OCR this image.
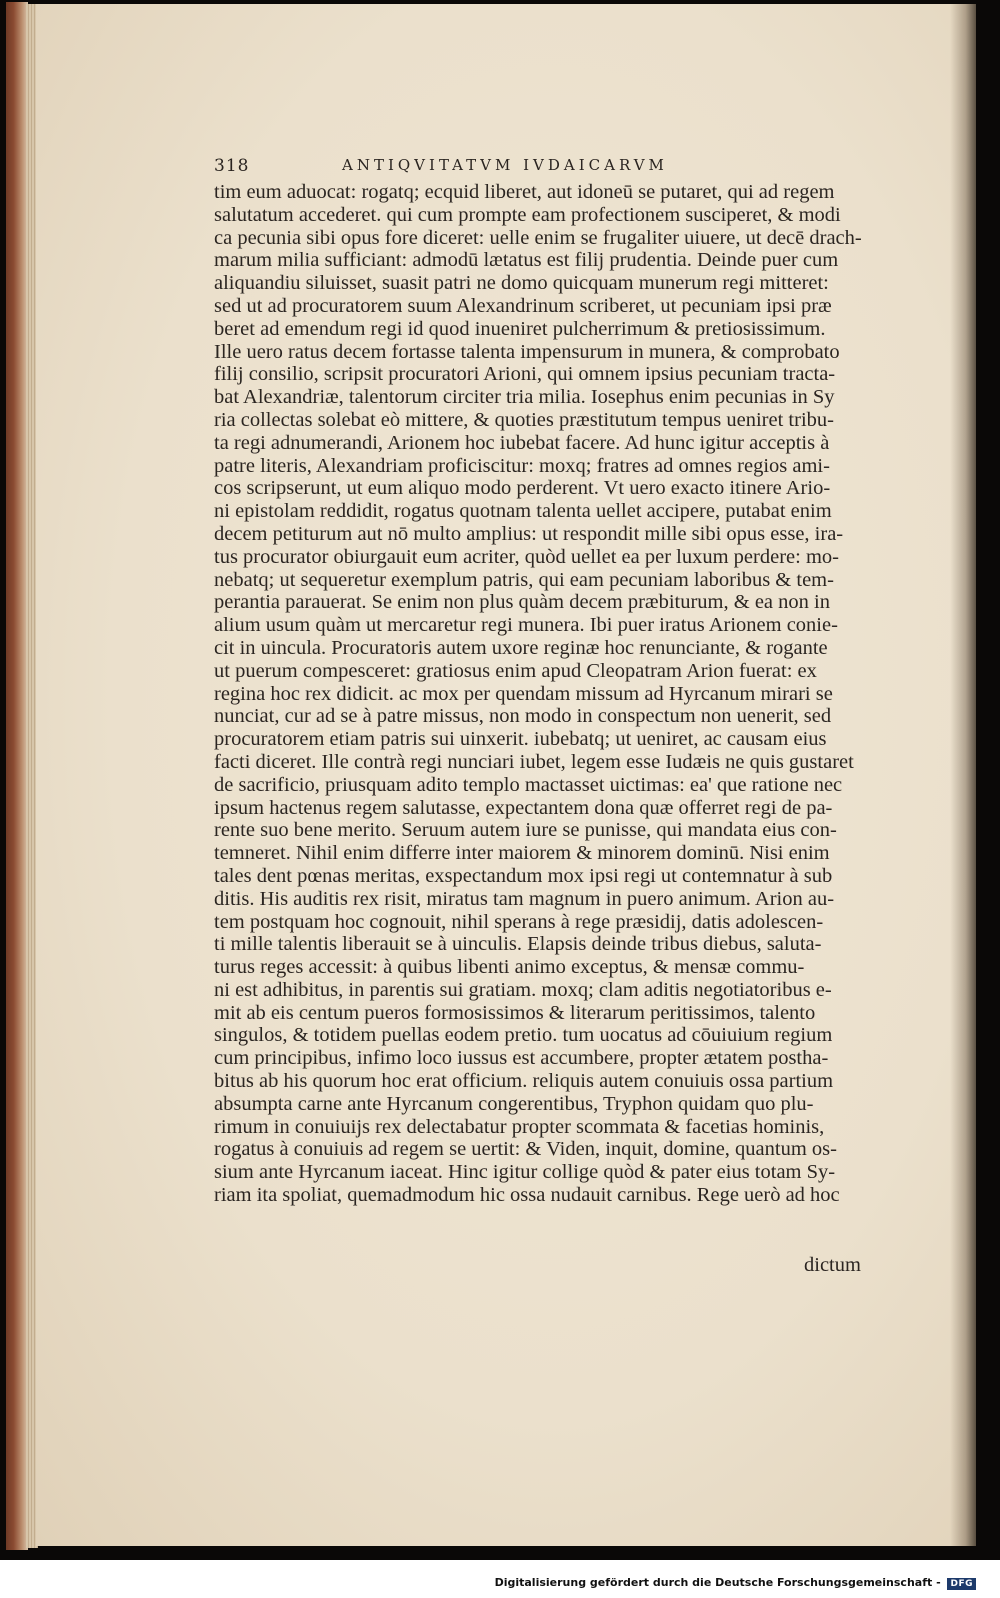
318	ANTIQVITATVM IVDAICARVM
tim eum aduocat: rogatq; ecquid liberet, aut idoneū se putaret, qui ad regem
salutatum accederet. qui cum prompte eam profectionem susciperet, & modi
ca pecunia sibi opus fore diceret: uelle enim se frugaliter uiuere, ut decē drach-
marum milia sufficiant: admodū lætatus est filij prudentia. Deinde puer cum
aliquandiu siluisset, suasit patri ne domo quicquam munerum regi mitteret:
sed ut ad procuratorem suum Alexandrinum scriberet, ut pecuniam ipsi præ
beret ad emendum regi id quod inueniret pulcherrimum & pretiosissimum.
Ille uero ratus decem fortasse talenta impensurum in munera, & comprobato
filij consilio, scripsit procuratori Arioni, qui omnem ipsius pecuniam tracta-
bat Alexandriæ, talentorum circiter tria milia. Iosephus enim pecunias in Sy
ria collectas solebat eò mittere, & quoties præstitutum tempus ueniret tribu-
ta regi adnumerandi, Arionem hoc iubebat facere. Ad hunc igitur acceptis à
patre literis, Alexandriam proficiscitur: moxq; fratres ad omnes regios ami-
cos scripserunt, ut eum aliquo modo perderent. Vt uero exacto itinere Ario-
ni epistolam reddidit, rogatus quotnam talenta uellet accipere, putabat enim
decem petiturum aut nō multo amplius: ut respondit mille sibi opus esse, ira-
tus procurator obiurgauit eum acriter, quòd uellet ea per luxum perdere: mo-
nebatq; ut sequeretur exemplum patris, qui eam pecuniam laboribus & tem-
perantia parauerat. Se enim non plus quàm decem præbiturum, & ea non in
alium usum quàm ut mercaretur regi munera. Ibi puer iratus Arionem conie-
cit in uincula. Procuratoris autem uxore reginæ hoc renunciante, & rogante
ut puerum compesceret: gratiosus enim apud Cleopatram Arion fuerat: ex
regina hoc rex didicit. ac mox per quendam missum ad Hyrcanum mirari se
nunciat, cur ad se à patre missus, non modo in conspectum non uenerit, sed
procuratorem etiam patris sui uinxerit. iubebatq; ut ueniret, ac causam eius
facti diceret. Ille contrà regi nunciari iubet, legem esse Iudæis ne quis gustaret
de sacrificio, priusquam adito templo mactasset uictimas: ea' que ratione nec
ipsum hactenus regem salutasse, expectantem dona quæ offerret regi de pa-
rente suo bene merito. Seruum autem iure se punisse, qui mandata eius con-
temneret. Nihil enim differre inter maiorem & minorem dominū. Nisi enim
tales dent pœnas meritas, exspectandum mox ipsi regi ut contemnatur à sub
ditis. His auditis rex risit, miratus tam magnum in puero animum. Arion au-
tem postquam hoc cognouit, nihil sperans à rege præsidij, datis adolescen-
ti mille talentis liberauit se à uinculis. Elapsis deinde tribus diebus, saluta-
turus reges accessit: à quibus libenti animo exceptus, & mensæ commu-
ni est adhibitus, in parentis sui gratiam. moxq; clam aditis negotiatoribus e-
mit ab eis centum pueros formosissimos & literarum peritissimos, talento
singulos, & totidem puellas eodem pretio. tum uocatus ad cōuiuium regium
cum principibus, infimo loco iussus est accumbere, propter ætatem postha-
bitus ab his quorum hoc erat officium. reliquis autem conuiuis ossa partium
absumpta carne ante Hyrcanum congerentibus, Tryphon quidam quo plu-
rimum in conuiuijs rex delectabatur propter scommata & facetias hominis,
rogatus à conuiuis ad regem se uertit: & Viden, inquit, domine, quantum os-
sium ante Hyrcanum iaceat. Hinc igitur collige quòd & pater eius totam Sy-
riam ita spoliat, quemadmodum hic ossa nudauit carnibus. Rege uerò ad hoc
dictum
Digitalisierung gefördert durch die Deutsche Forschungsgemeinschaft - DFG
